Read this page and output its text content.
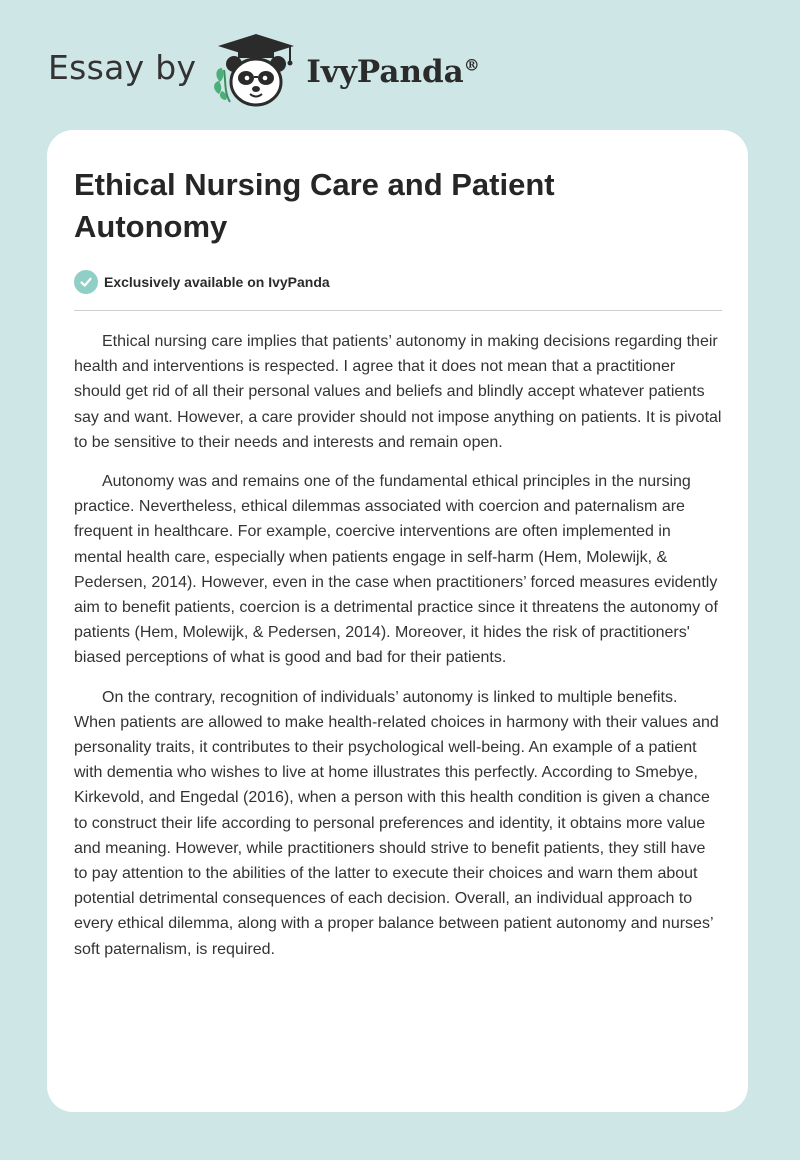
Essay by	IvyPanda®
Ethical Nursing Care and Patient Autonomy
Exclusively available on IvyPanda

Ethical nursing care implies that patients’ autonomy in making decisions regarding their health and interventions is respected. I agree that it does not mean that a practitioner should get rid of all their personal values and beliefs and blindly accept whatever patients say and want. However, a care provider should not impose anything on patients. It is pivotal to be sensitive to their needs and interests and remain open.

Autonomy was and remains one of the fundamental ethical principles in the nursing practice. Nevertheless, ethical dilemmas associated with coercion and paternalism are frequent in healthcare. For example, coercive interventions are often implemented in mental health care, especially when patients engage in self-harm (Hem, Molewijk, & Pedersen, 2014). However, even in the case when practitioners’ forced measures evidently aim to benefit patients, coercion is a detrimental practice since it threatens the autonomy of patients (Hem, Molewijk, & Pedersen, 2014). Moreover, it hides the risk of practitioners' biased perceptions of what is good and bad for their patients.

On the contrary, recognition of individuals’ autonomy is linked to multiple benefits. When patients are allowed to make health-related choices in harmony with their values and personality traits, it contributes to their psychological well-being. An example of a patient with dementia who wishes to live at home illustrates this perfectly. According to Smebye, Kirkevold, and Engedal (2016), when a person with this health condition is given a chance to construct their life according to personal preferences and identity, it obtains more value and meaning. However, while practitioners should strive to benefit patients, they still have to pay attention to the abilities of the latter to execute their choices and warn them about potential detrimental consequences of each decision. Overall, an individual approach to every ethical dilemma, along with a proper balance between patient autonomy and nurses’ soft paternalism, is required.
